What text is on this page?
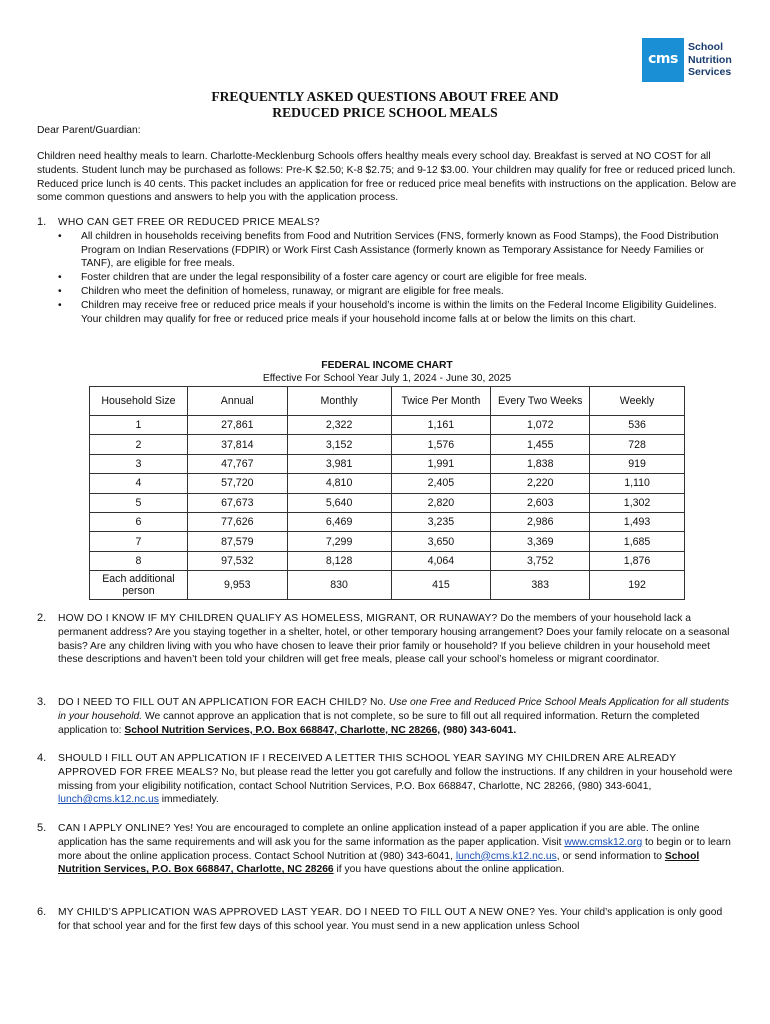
cms
School
Nutrition
Services
FREQUENTLY ASKED QUESTIONS ABOUT FREE AND
REDUCED PRICE SCHOOL MEALS
Dear Parent/Guardian:
Children need healthy meals to learn. Charlotte-Mecklenburg Schools offers healthy meals every school day. Breakfast is served at NO COST for all students. Student lunch may be purchased as follows: Pre-K $2.50; K-8 $2.75; and 9-12 $3.00. Your children may qualify for free or reduced priced lunch. Reduced price lunch is 40 cents. This packet includes an application for free or reduced price meal benefits with instructions on the application. Below are some common questions and answers to help you with the application process.
1. WHO CAN GET FREE OR REDUCED PRICE MEALS?
• All children in households receiving benefits from Food and Nutrition Services (FNS, formerly known as Food Stamps), the Food Distribution Program on Indian Reservations (FDPIR) or Work First Cash Assistance (formerly known as Temporary Assistance for Needy Families or TANF), are eligible for free meals.
• Foster children that are under the legal responsibility of a foster care agency or court are eligible for free meals.
• Children who meet the definition of homeless, runaway, or migrant are eligible for free meals.
• Children may receive free or reduced price meals if your household’s income is within the limits on the Federal Income Eligibility Guidelines. Your children may qualify for free or reduced price meals if your household income falls at or below the limits on this chart.
FEDERAL INCOME CHART
Effective For School Year July 1, 2024 - June 30, 2025
Household Size	Annual	Monthly	Twice Per Month	Every Two Weeks	Weekly
1	27,861	2,322	1,161	1,072	536
2	37,814	3,152	1,576	1,455	728
3	47,767	3,981	1,991	1,838	919
4	57,720	4,810	2,405	2,220	1,110
5	67,673	5,640	2,820	2,603	1,302
6	77,626	6,469	3,235	2,986	1,493
7	87,579	7,299	3,650	3,369	1,685
8	97,532	8,128	4,064	3,752	1,876
Each additional person	9,953	830	415	383	192
2. HOW DO I KNOW IF MY CHILDREN QUALIFY AS HOMELESS, MIGRANT, OR RUNAWAY? Do the members of your household lack a permanent address? Are you staying together in a shelter, hotel, or other temporary housing arrangement? Does your family relocate on a seasonal basis? Are any children living with you who have chosen to leave their prior family or household? If you believe children in your household meet these descriptions and haven’t been told your children will get free meals, please call your school’s homeless or migrant coordinator.
3. DO I NEED TO FILL OUT AN APPLICATION FOR EACH CHILD? No. Use one Free and Reduced Price School Meals Application for all students in your household. We cannot approve an application that is not complete, so be sure to fill out all required information. Return the completed application to: School Nutrition Services, P.O. Box 668847, Charlotte, NC 28266, (980) 343-6041.
4. SHOULD I FILL OUT AN APPLICATION IF I RECEIVED A LETTER THIS SCHOOL YEAR SAYING MY CHILDREN ARE ALREADY APPROVED FOR FREE MEALS? No, but please read the letter you got carefully and follow the instructions. If any children in your household were missing from your eligibility notification, contact School Nutrition Services, P.O. Box 668847, Charlotte, NC 28266, (980) 343-6041, lunch@cms.k12.nc.us immediately.
5. CAN I APPLY ONLINE? Yes! You are encouraged to complete an online application instead of a paper application if you are able. The online application has the same requirements and will ask you for the same information as the paper application. Visit www.cmsk12.org to begin or to learn more about the online application process. Contact School Nutrition at (980) 343-6041, lunch@cms.k12.nc.us, or send information to School Nutrition Services, P.O. Box 668847, Charlotte, NC 28266 if you have questions about the online application.
6. MY CHILD’S APPLICATION WAS APPROVED LAST YEAR. DO I NEED TO FILL OUT A NEW ONE? Yes. Your child’s application is only good for that school year and for the first few days of this school year. You must send in a new application unless School
